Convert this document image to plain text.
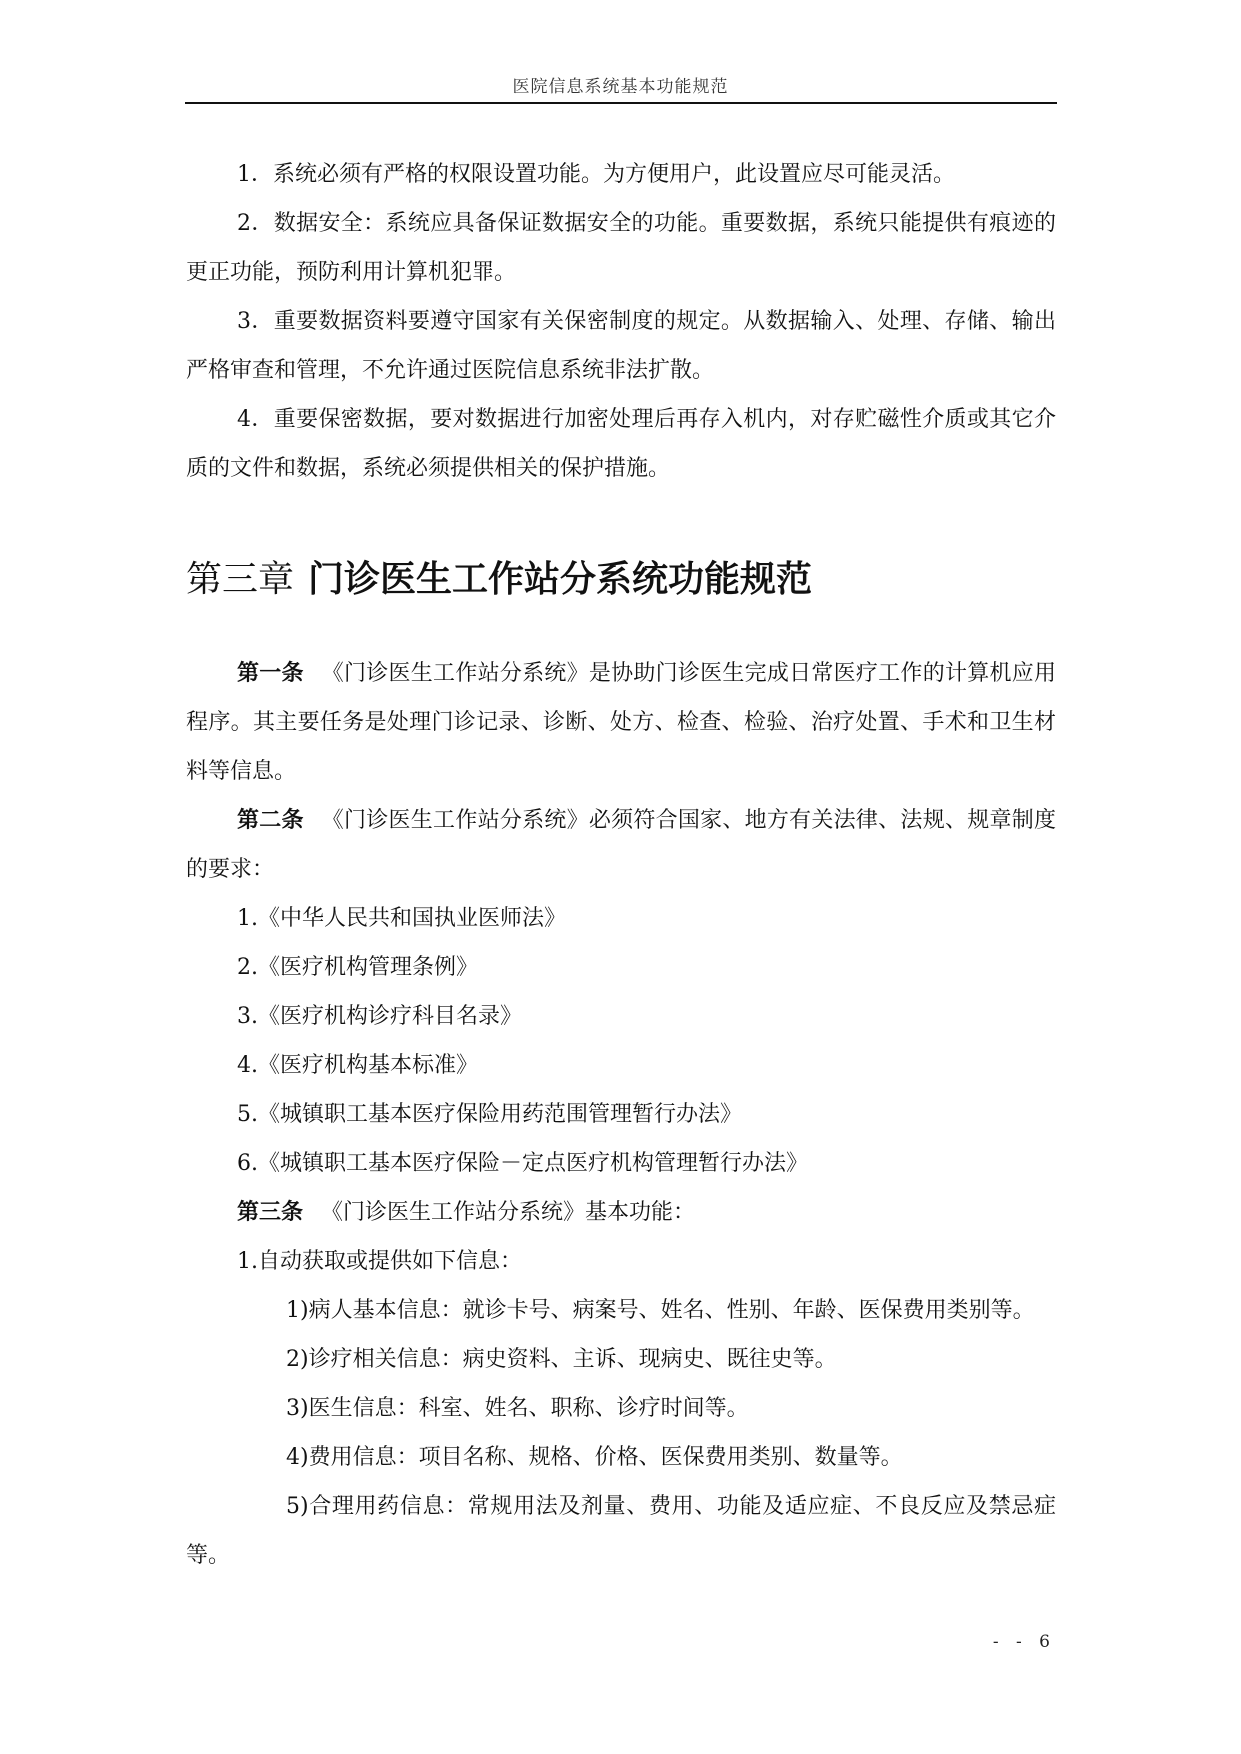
医院信息系统基本功能规范

1．系统必须有严格的权限设置功能。为方便用户，此设置应尽可能灵活。

2．数据安全：系统应具备保证数据安全的功能。重要数据，系统只能提供有痕迹的更正功能，预防利用计算机犯罪。

3．重要数据资料要遵守国家有关保密制度的规定。从数据输入、处理、存储、输出严格审查和管理，不允许通过医院信息系统非法扩散。

4．重要保密数据，要对数据进行加密处理后再存入机内，对存贮磁性介质或其它介质的文件和数据，系统必须提供相关的保护措施。

第三章 门诊医生工作站分系统功能规范

第一条 《门诊医生工作站分系统》是协助门诊医生完成日常医疗工作的计算机应用程序。其主要任务是处理门诊记录、诊断、处方、检查、检验、治疗处置、手术和卫生材料等信息。

第二条 《门诊医生工作站分系统》必须符合国家、地方有关法律、法规、规章制度的要求：

1.《中华人民共和国执业医师法》

2.《医疗机构管理条例》

3.《医疗机构诊疗科目名录》

4.《医疗机构基本标准》

5.《城镇职工基本医疗保险用药范围管理暂行办法》

6.《城镇职工基本医疗保险－定点医疗机构管理暂行办法》

第三条 《门诊医生工作站分系统》基本功能：

1.自动获取或提供如下信息：

1)病人基本信息：就诊卡号、病案号、姓名、性别、年龄、医保费用类别等。

2)诊疗相关信息：病史资料、主诉、现病史、既往史等。

3)医生信息：科室、姓名、职称、诊疗时间等。

4)费用信息：项目名称、规格、价格、医保费用类别、数量等。

5)合理用药信息：常规用法及剂量、费用、功能及适应症、不良反应及禁忌症等。

- - 6
